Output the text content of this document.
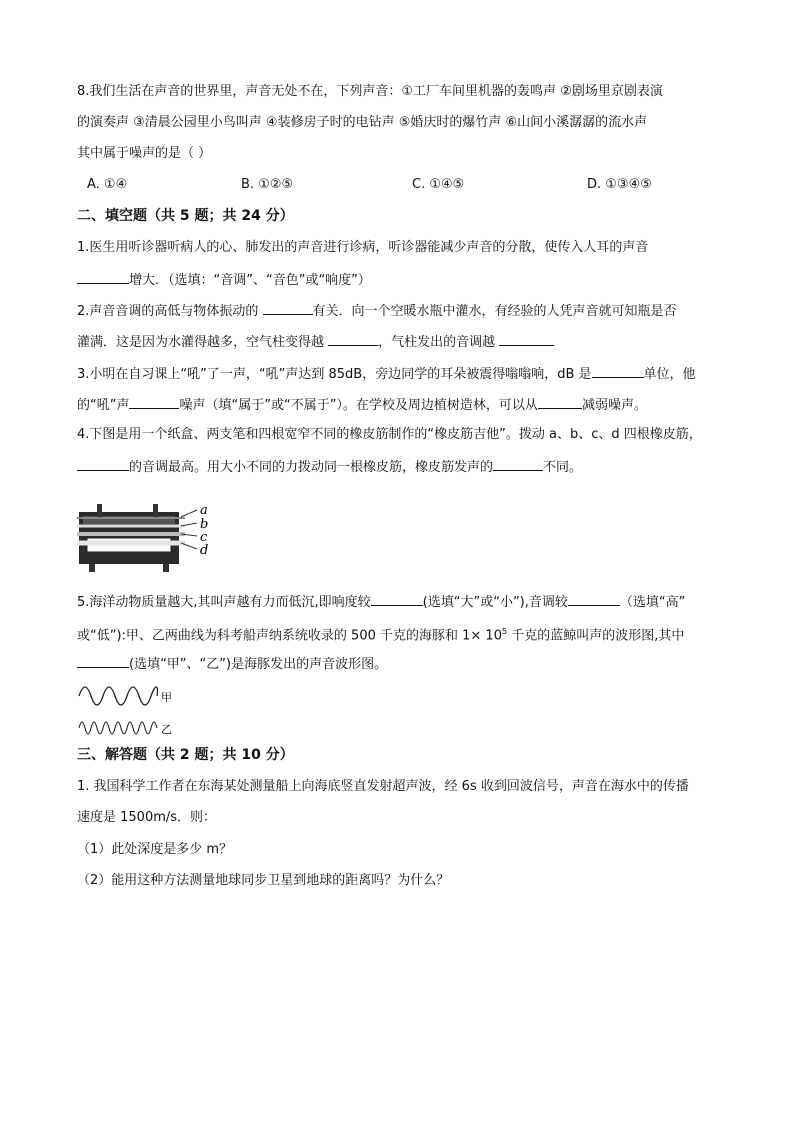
8.我们生活在声音的世界里，声音无处不在，下列声音：①工厂车间里机器的轰鸣声 ②剧场里京剧表演
的演奏声 ③清晨公园里小鸟叫声 ④装修房子时的电钻声 ⑤婚庆时的爆竹声 ⑥山间小溪潺潺的流水声
其中属于噪声的是（ ）
A. ①④	B. ①②⑤	C. ①④⑤	D. ①③④⑤
二、填空题（共 5 题；共 24 分）
1.医生用听诊器听病人的心、肺发出的声音进行诊病，听诊器能减少声音的分散，使传入人耳的声音
增大．（选填：“音调”、“音色”或“响度”）
2.声音音调的高低与物体振动的	有关．向一个空暖水瓶中灌水，有经验的人凭声音就可知瓶是否
灌满．这是因为水灌得越多，空气柱变得越	，气柱发出的音调越
3.小明在自习课上“吼”了一声，“吼”声达到 85dB，旁边同学的耳朵被震得嗡嗡响，dB 是	单位，他
的“吼”声	噪声（填“属于”或“不属于”）。在学校及周边植树造林，可以从	减弱噪声。
4.下图是用一个纸盒、两支笔和四根宽窄不同的橡皮筋制作的“橡皮筋吉他”。拨动 a、b、c、d 四根橡皮筋，
的音调最高。用大小不同的力拨动同一根橡皮筋，橡皮筋发声的	不同。
a
b
c
d
5.海洋动物质量越大,其叫声越有力而低沉,即响度较	(选填“大”或“小”),音调较	（选填“高”
或“低”):甲、乙两曲线为科考船声纳系统收录的 500 千克的海豚和 $1\times 10^5$ 千克的蓝鲸叫声的波形图,其中
(选填“甲”、“乙”)是海豚发出的声音波形图。
甲
乙
三、解答题（共 2 题；共 10 分）
1. 我国科学工作者在东海某处测量船上向海底竖直发射超声波，经 6s 收到回波信号，声音在海水中的传播
速度是 1500m/s．则：
（1）此处深度是多少 m？
（2）能用这种方法测量地球同步卫星到地球的距离吗？为什么？
